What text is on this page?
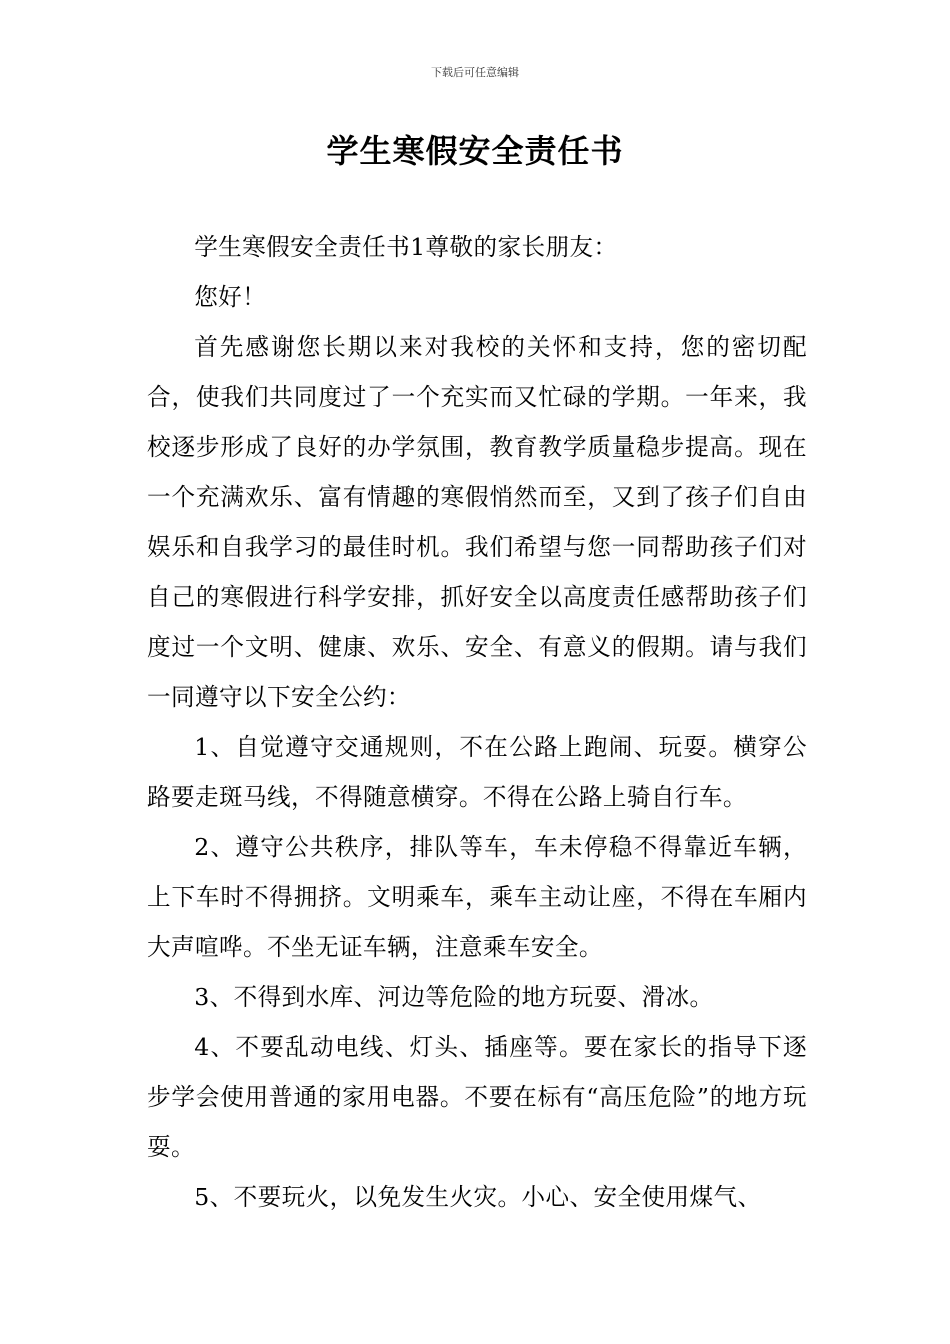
下载后可任意编辑
学生寒假安全责任书

学生寒假安全责任书1尊敬的家长朋友：

您好！

首先感谢您长期以来对我校的关怀和支持，您的密切配合，使我们共同度过了一个充实而又忙碌的学期。一年来，我校逐步形成了良好的办学氛围，教育教学质量稳步提高。现在一个充满欢乐、富有情趣的寒假悄然而至，又到了孩子们自由娱乐和自我学习的最佳时机。我们希望与您一同帮助孩子们对自己的寒假进行科学安排，抓好安全以高度责任感帮助孩子们度过一个文明、健康、欢乐、安全、有意义的假期。请与我们一同遵守以下安全公约：

1、自觉遵守交通规则，不在公路上跑闹、玩耍。横穿公路要走斑马线，不得随意横穿。不得在公路上骑自行车。

2、遵守公共秩序，排队等车，车未停稳不得靠近车辆，上下车时不得拥挤。文明乘车，乘车主动让座，不得在车厢内大声喧哗。不坐无证车辆，注意乘车安全。

3、不得到水库、河边等危险的地方玩耍、滑冰。

4、不要乱动电线、灯头、插座等。要在家长的指导下逐步学会使用普通的家用电器。不要在标有“高压危险”的地方玩耍。

5、不要玩火，以免发生火灾。小心、安全使用煤气、
